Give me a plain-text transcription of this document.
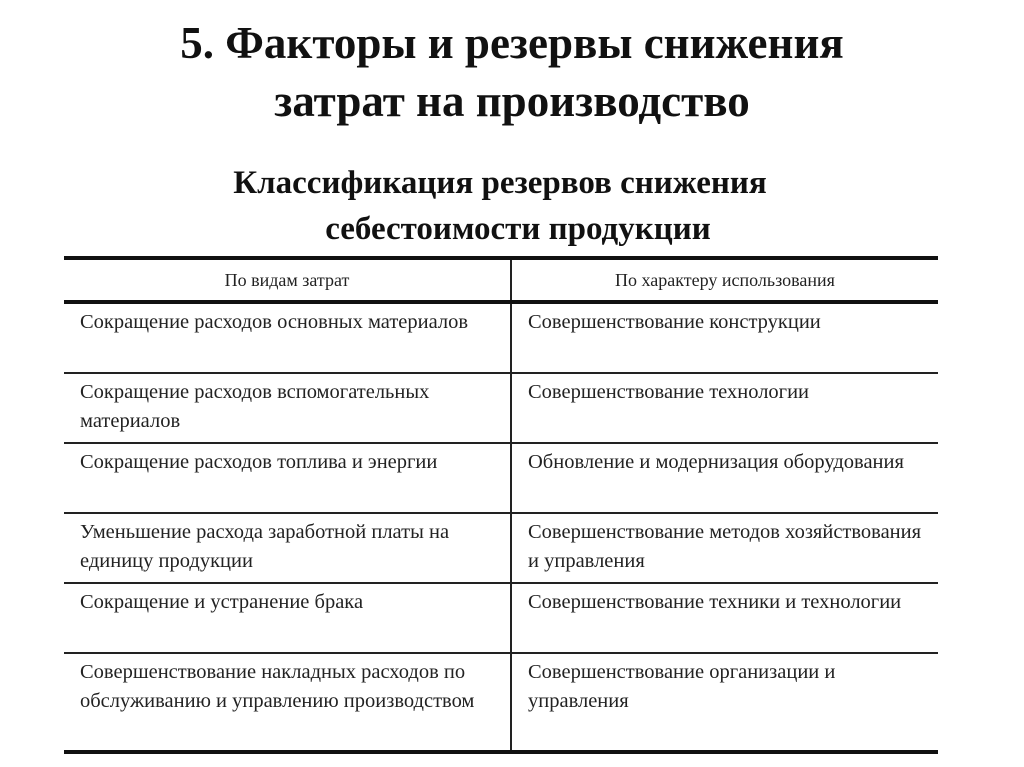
5. Факторы и резервы снижения
затрат на производство
Классификация резервов снижения
себестоимости продукции
По видам затрат	По характеру использования
Сокращение расходов основных материалов	Совершенствование конструкции
Сокращение расходов вспомогательных материалов	Совершенствование технологии
Сокращение расходов топлива и энергии	Обновление и модернизация оборудования
Уменьшение расхода заработной платы на единицу продукции	Совершенствование методов хозяйствования и управления
Сокращение и устранение брака	Совершенствование техники и технологии
Совершенствование накладных расходов по обслуживанию и управлению производством	Совершенствование организации и управления
